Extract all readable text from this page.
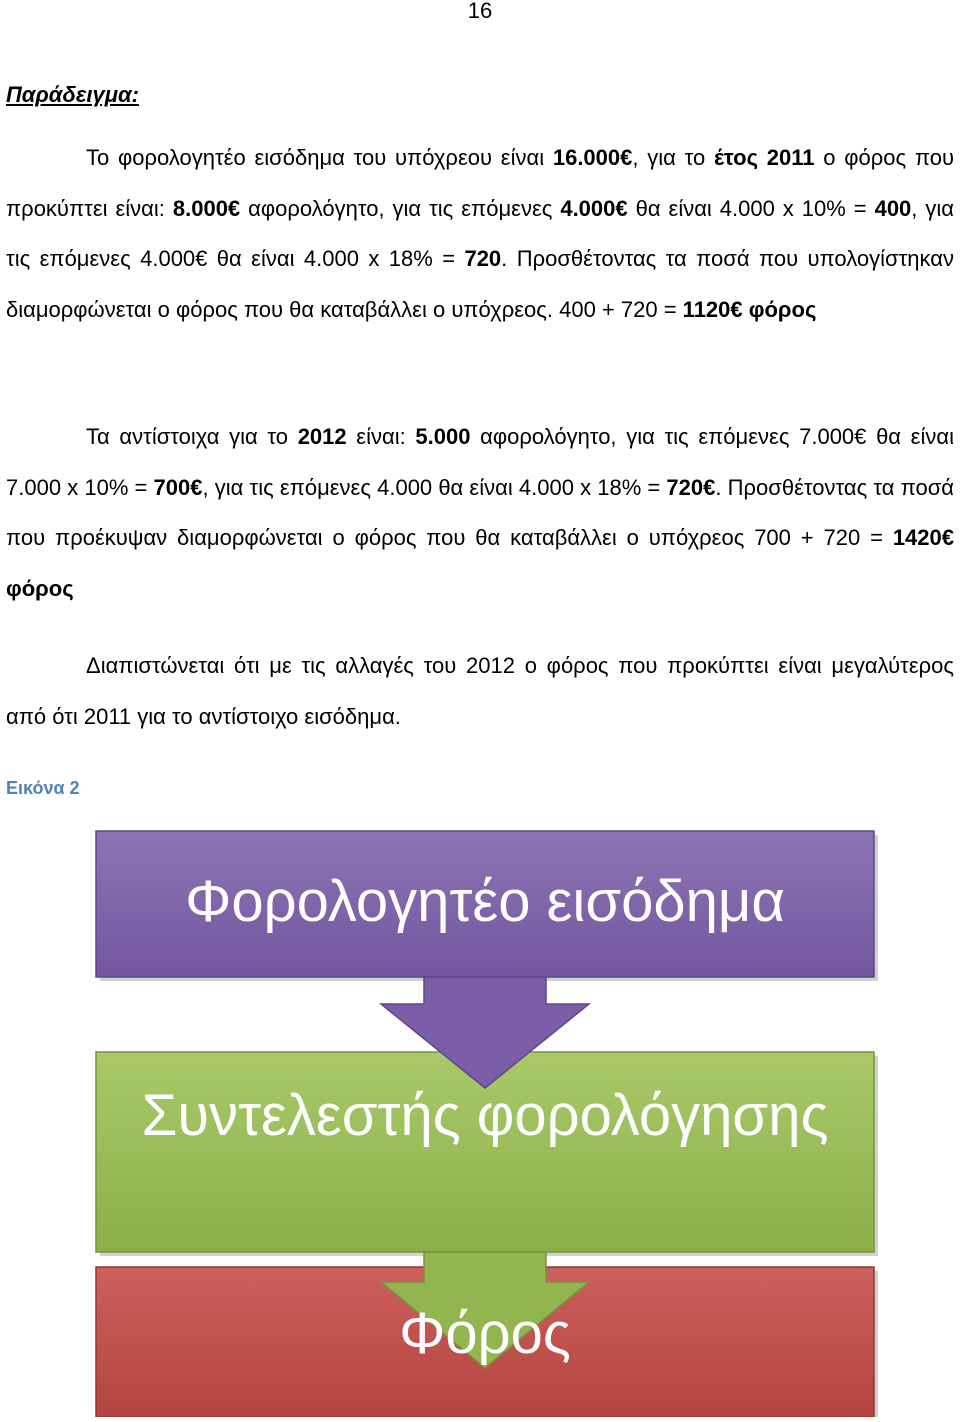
16
Παράδειγμα:

Το φορολογητέο εισόδημα του υπόχρεου είναι 16.000€, για το έτος 2011 ο φόρος που προκύπτει είναι: 8.000€ αφορολόγητο, για τις επόμενες 4.000€ θα είναι 4.000 x 10% = 400, για τις επόμενες 4.000€ θα είναι 4.000 x 18% = 720. Προσθέτοντας τα ποσά που υπολογίστηκαν διαμορφώνεται ο φόρος που θα καταβάλλει ο υπόχρεος. 400 + 720 = 1120€ φόρος

Τα αντίστοιχα για το 2012 είναι: 5.000 αφορολόγητο, για τις επόμενες 7.000€ θα είναι 7.000 x 10% = 700€, για τις επόμενες 4.000 θα είναι 4.000 x 18% = 720€. Προσθέτοντας τα ποσά που προέκυψαν διαμορφώνεται ο φόρος που θα καταβάλλει ο υπόχρεος 700 + 720 = 1420€ φόρος

Διαπιστώνεται ότι με τις αλλαγές του 2012 ο φόρος που προκύπτει είναι μεγαλύτερος από ότι 2011 για το αντίστοιχο εισόδημα.

Εικόνα 2
Φορολογητέο εισόδημα
Συντελεστής φορολόγησης
Φόρος
